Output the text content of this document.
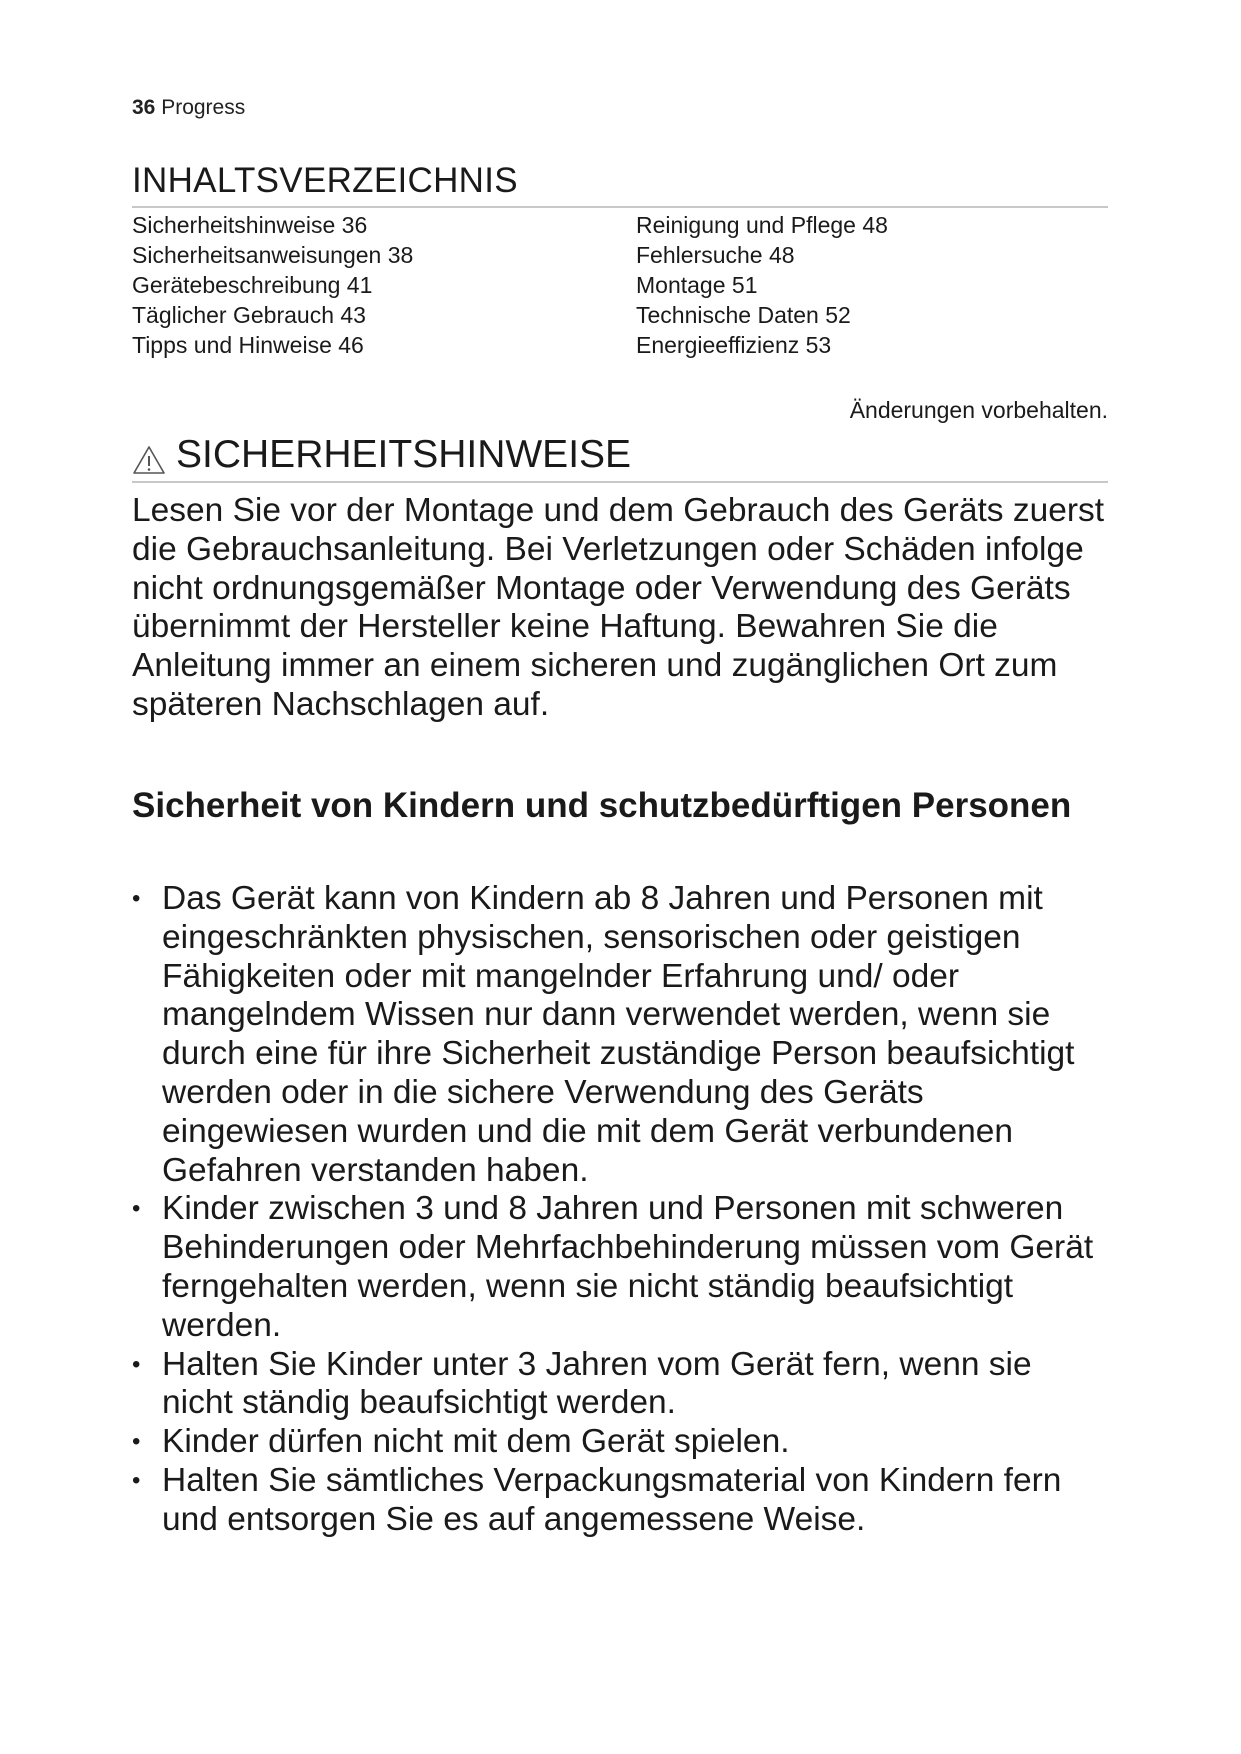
36 Progress
INHALTSVERZEICHNIS
Sicherheitshinweise 36
Sicherheitsanweisungen 38
Gerätebeschreibung 41
Täglicher Gebrauch 43
Tipps und Hinweise 46
Reinigung und Pflege 48
Fehlersuche 48
Montage 51
Technische Daten 52
Energieeffizienz 53
Änderungen vorbehalten.
SICHERHEITSHINWEISE

Lesen Sie vor der Montage und dem Gebrauch des Geräts zuerst die Gebrauchsanleitung. Bei Verletzungen oder Schäden infolge nicht ordnungsgemäßer Montage oder Verwendung des Geräts übernimmt der Hersteller keine Haftung. Bewahren Sie die Anleitung immer an einem sicheren und zugänglichen Ort zum späteren Nachschlagen auf.

Sicherheit von Kindern und schutzbedürftigen Personen
• Das Gerät kann von Kindern ab 8 Jahren und Personen mit eingeschränkten physischen, sensorischen oder geistigen Fähigkeiten oder mit mangelnder Erfahrung und/ oder mangelndem Wissen nur dann verwendet werden, wenn sie durch eine für ihre Sicherheit zuständige Person beaufsichtigt werden oder in die sichere Verwendung des Geräts eingewiesen wurden und die mit dem Gerät verbundenen Gefahren verstanden haben.
• Kinder zwischen 3 und 8 Jahren und Personen mit schweren Behinderungen oder Mehrfachbehinderung müssen vom Gerät ferngehalten werden, wenn sie nicht ständig beaufsichtigt werden.
• Halten Sie Kinder unter 3 Jahren vom Gerät fern, wenn sie nicht ständig beaufsichtigt werden.
• Kinder dürfen nicht mit dem Gerät spielen.
• Halten Sie sämtliches Verpackungsmaterial von Kindern fern und entsorgen Sie es auf angemessene Weise.
